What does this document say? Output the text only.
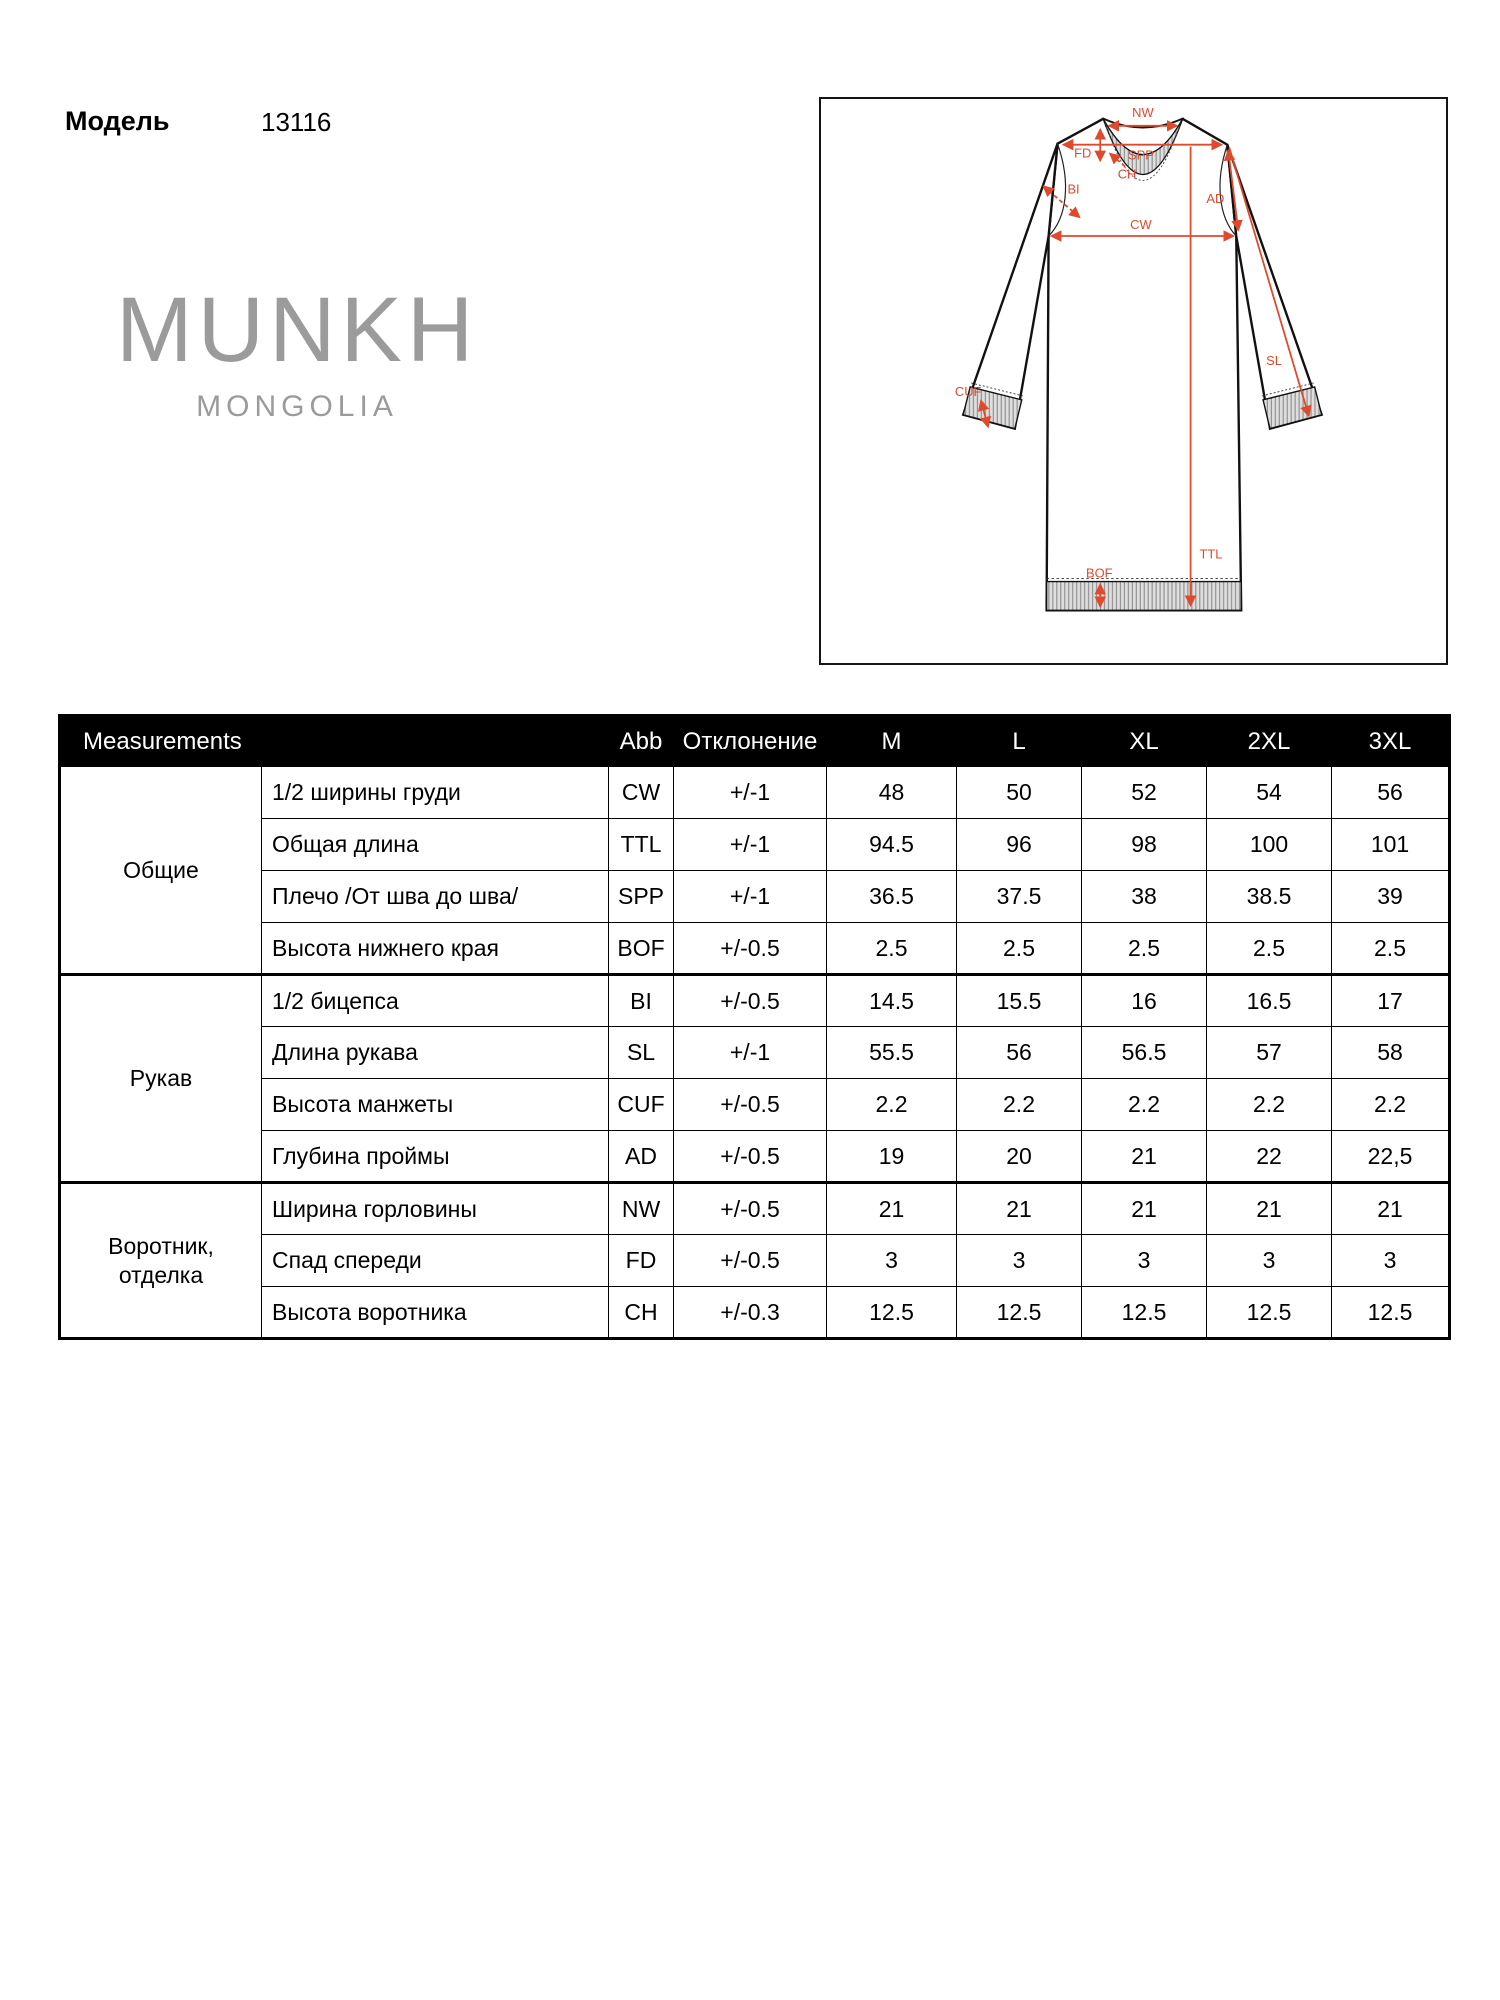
Модель	13116
MUNKH
MONGOLIA
NW
SPP
FD
CH
BI
AD
CW
SL
CUF
TTL
BOF
Measurements		Abb	Отклонение	M	L	XL	2XL	3XL
Общие	1/2 ширины груди	CW	+/-1	48	50	52	54	56
	Общая длина	TTL	+/-1	94.5	96	98	100	101
	Плечо /От шва до шва/	SPP	+/-1	36.5	37.5	38	38.5	39
	Высота нижнего края	BOF	+/-0.5	2.5	2.5	2.5	2.5	2.5
Рукав	1/2 бицепса	BI	+/-0.5	14.5	15.5	16	16.5	17
	Длина рукава	SL	+/-1	55.5	56	56.5	57	58
	Высота манжеты	CUF	+/-0.5	2.2	2.2	2.2	2.2	2.2
	Глубина проймы	AD	+/-0.5	19	20	21	22	22,5
Воротник,
отделка	Ширина горловины	NW	+/-0.5	21	21	21	21	21
	Спад спереди	FD	+/-0.5	3	3	3	3	3
	Высота воротника	CH	+/-0.3	12.5	12.5	12.5	12.5	12.5
